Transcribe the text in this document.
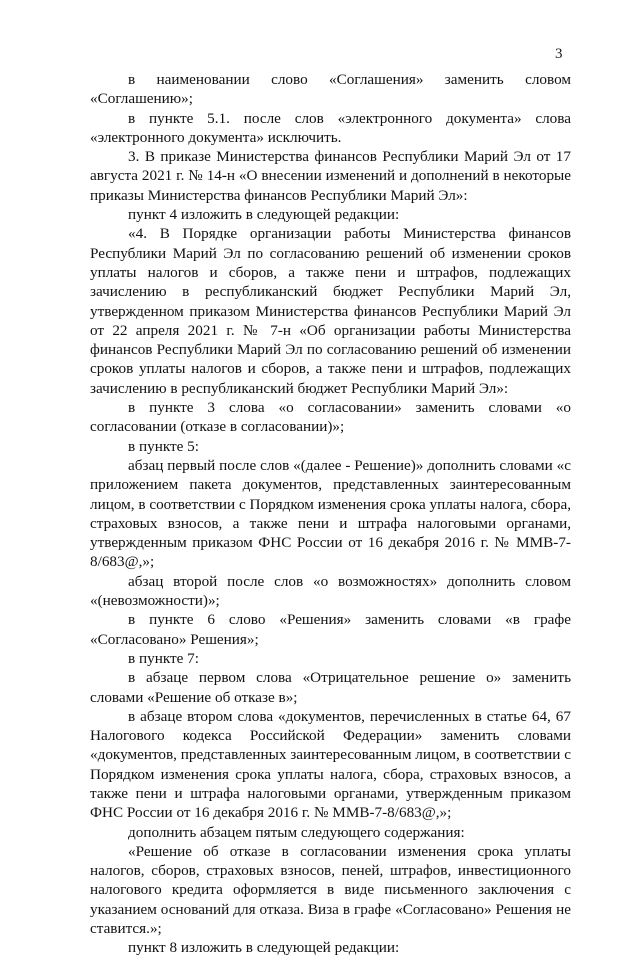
3

в наименовании слово «Соглашения» заменить словом «Соглашению»;

в пункте 5.1. после слов «электронного документа» слова «электронного документа» исключить.

3. В приказе Министерства финансов Республики Марий Эл от 17 августа 2021 г. № 14-н «О внесении изменений и дополнений в некоторые приказы Министерства финансов Республики Марий Эл»:

пункт 4 изложить в следующей редакции:

«4. В Порядке организации работы Министерства финансов Республики Марий Эл по согласованию решений об изменении сроков уплаты налогов и сборов, а также пени и штрафов, подлежащих зачислению в республиканский бюджет Республики Марий Эл, утвержденном приказом Министерства финансов Республики Марий Эл от 22 апреля 2021 г. № 7-н «Об организации работы Министерства финансов Республики Марий Эл по согласованию решений об изменении сроков уплаты налогов и сборов, а также пени и штрафов, подлежащих зачислению в республиканский бюджет Республики Марий Эл»:

в пункте 3 слова «о согласовании» заменить словами «о согласовании (отказе в согласовании)»;

в пункте 5:

абзац первый после слов «(далее - Решение)» дополнить словами «с приложением пакета документов, представленных заинтересованным лицом, в соответствии с Порядком изменения срока уплаты налога, сбора, страховых взносов, а также пени и штрафа налоговыми органами, утвержденным приказом ФНС России от 16 декабря 2016 г. № ММВ-7-8/683@,»;

абзац второй после слов «о возможностях» дополнить словом «(невозможности)»;

в пункте 6 слово «Решения» заменить словами «в графе «Согласовано» Решения»;

в пункте 7:

в абзаце первом слова «Отрицательное решение о» заменить словами «Решение об отказе в»;

в абзаце втором слова «документов, перечисленных в статье 64, 67 Налогового кодекса Российской Федерации» заменить словами «документов, представленных заинтересованным лицом, в соответствии с Порядком изменения срока уплаты налога, сбора, страховых взносов, а также пени и штрафа налоговыми органами, утвержденным приказом ФНС России от 16 декабря 2016 г. № ММВ-7-8/683@,»;

дополнить абзацем пятым следующего содержания:

«Решение об отказе в согласовании изменения срока уплаты налогов, сборов, страховых взносов, пеней, штрафов, инвестиционного налогового кредита оформляется в виде письменного заключения с указанием оснований для отказа. Виза в графе «Согласовано» Решения не ставится.»;

пункт 8 изложить в следующей редакции:
